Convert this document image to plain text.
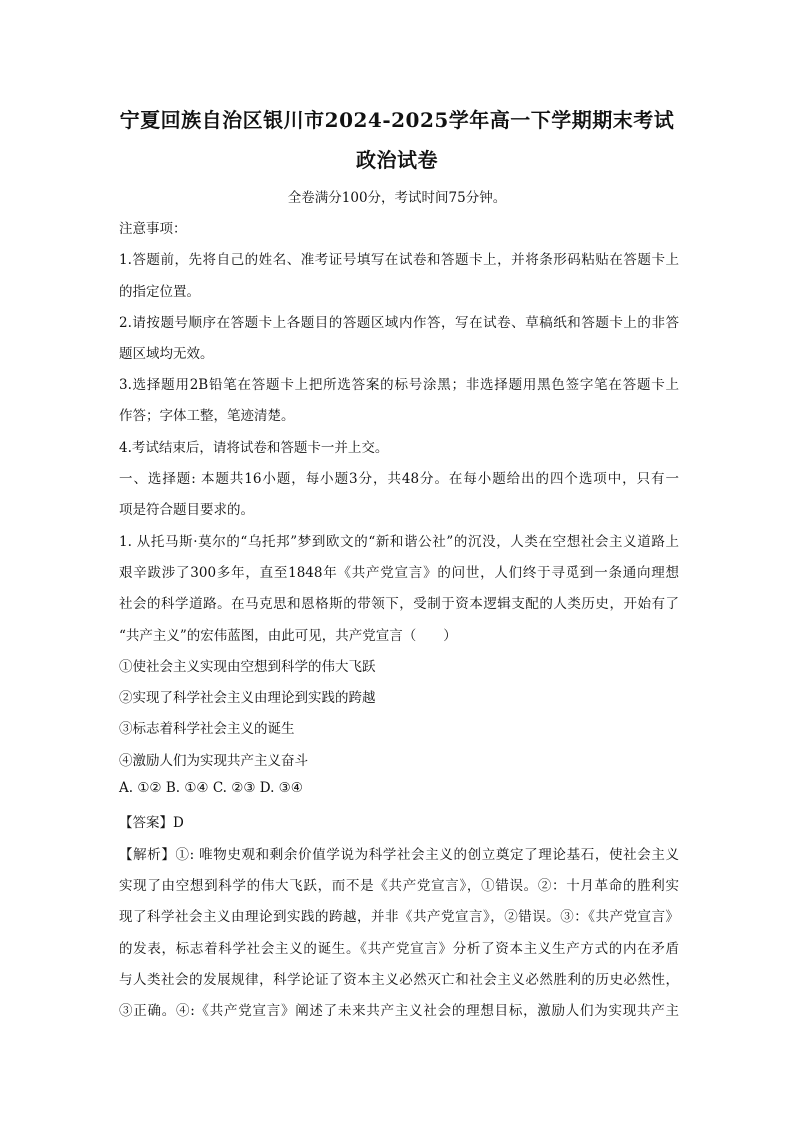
宁夏回族自治区银川市2024-2025学年高一下学期期末考试
政治试卷
全卷满分100分，考试时间75分钟。
注意事项：
1.答题前，先将自己的姓名、准考证号填写在试卷和答题卡上，并将条形码粘贴在答题卡上
的指定位置。
2.请按题号顺序在答题卡上各题目的答题区域内作答，写在试卷、草稿纸和答题卡上的非答
题区域均无效。
3.选择题用2B铅笔在答题卡上把所选答案的标号涂黑；非选择题用黑色签字笔在答题卡上
作答；字体工整，笔迹清楚。
4.考试结束后，请将试卷和答题卡一并上交。
一、选择题: 本题共16小题，每小题3分，共48分。在每小题给出的四个选项中，只有一
项是符合题目要求的。
1. 从托马斯·莫尔的“乌托邦”梦到欧文的“新和谐公社”的沉没，人类在空想社会主义道路上
艰辛跋涉了300多年，直至1848年《共产党宣言》的问世，人们终于寻觅到一条通向理想
社会的科学道路。在马克思和恩格斯的带领下，受制于资本逻辑支配的人类历史，开始有了
“共产主义”的宏伟蓝图，由此可见，共产党宣言（　　）
①使社会主义实现由空想到科学的伟大飞跃
②实现了科学社会主义由理论到实践的跨越
③标志着科学社会主义的诞生
④激励人们为实现共产主义奋斗
A. ①② B. ①④ C. ②③ D. ③④
【答案】D
【解析】①: 唯物史观和剩余价值学说为科学社会主义的创立奠定了理论基石，使社会主义
实现了由空想到科学的伟大飞跃，而不是《共产党宣言》，①错误。②：十月革命的胜利实
现了科学社会主义由理论到实践的跨越，并非《共产党宣言》，②错误。③：《共产党宣言》
的发表，标志着科学社会主义的诞生。《共产党宣言》分析了资本主义生产方式的内在矛盾
与人类社会的发展规律，科学论证了资本主义必然灭亡和社会主义必然胜利的历史必然性，
③正确。④:《共产党宣言》阐述了未来共产主义社会的理想目标，激励人们为实现共产主
